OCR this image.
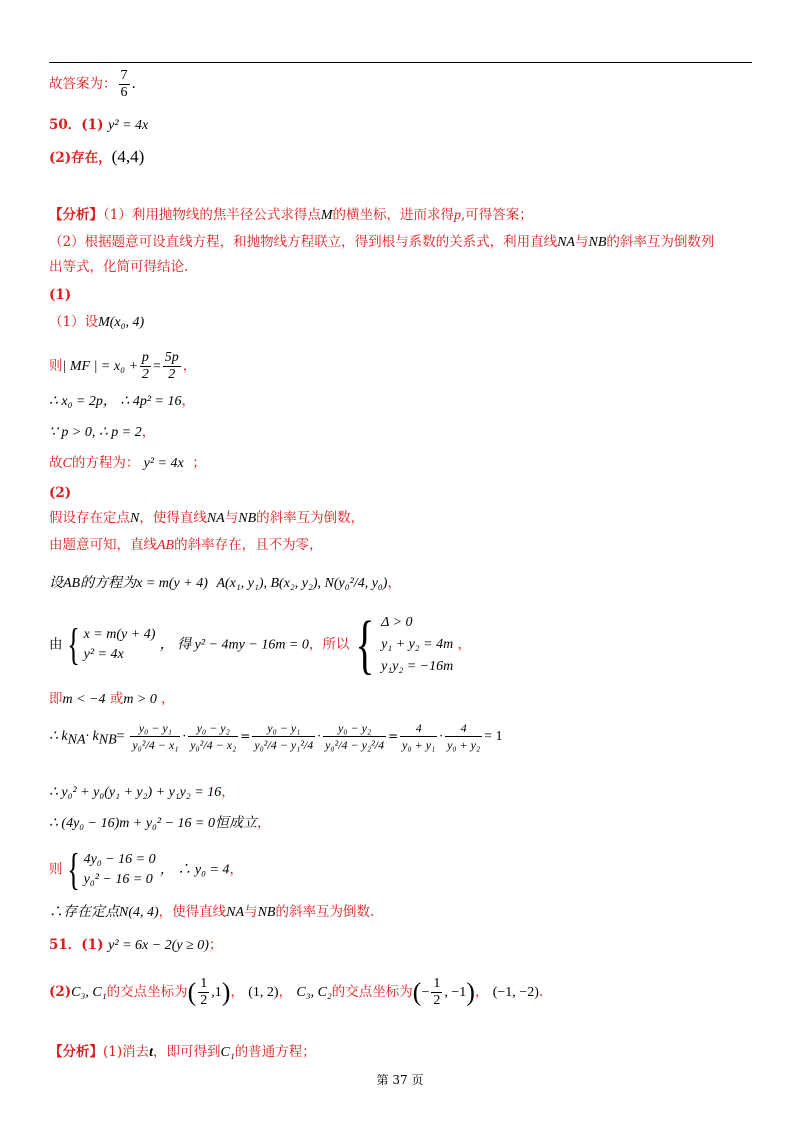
故答案为： $\frac{7}{6}$ .
50．(1) y² = 4x
(2)存在，(4,4)
【分析】（1）利用抛物线的焦半径公式求得点M的横坐标，进而求得p,可得答案；
（2）根据题意可设直线方程，和抛物线方程联立，得到根与系数的关系式，利用直线NA与NB的斜率互为倒数列
出等式，化简可得结论.
(1)
（1）设M(x₀, 4)
则| MF | = $x_0 + \frac{p}{2} = \frac{5p}{2}$ ，
∴ x₀ = 2p， ∴ 4p² = 16，
∵ p > 0, ∴ p = 2，
故C的方程为： y² = 4x ；
(2)
假设存在定点N，使得直线NA与NB的斜率互为倒数，
由题意可知，直线AB的斜率存在，且不为零，
设AB的方程为x = m(y + 4) A(x₁, y₁), B(x₂, y₂), N(y₀²/4, y₀)，
由{ x = m(y + 4)
y² = 4x
， 得 y² − 4my − 16m = 0，所以{ Δ > 0
y₁ + y₂ = 4m
y₁y₂ = −16m
，
即m < −4 或m > 0 ，
∴ $k_{NA}\cdot k_{NB}= \frac{\text{y₀ − y₁}}{\text{y₀²/4 − x₁}} \cdot \frac{\text{y₀ − y₂}}{\text{y₀²/4 − x₂}} = \frac{\text{y₀ − y₁}}{\text{y₀²/4 − y₁²/4}} \cdot \frac{\text{y₀ − y₂}}{\text{y₀²/4 − y₂²/4}} = \frac{4}{\text{y₀ + y₁}} \cdot \frac{4}{\text{y₀ + y₂}} = 1$
∴ y₀² + y₀(y₁ + y₂) + y₁y₂ = 16，
∴ (4y₀ − 16)m + y₀² − 16 = 0恒成立，
则{ 4y₀ − 16 = 0
y₀² − 16 = 0
， ∴ y₀ = 4，
∴存在定点N(4, 4)，使得直线NA与NB的斜率互为倒数.
51．(1) y² = 6x − 2(y ≥ 0)；
(2)C₃, C₁的交点坐标为( $\frac{1}{2} ,1$)， (1, 2)， C₃, C₂的交点坐标为(− $\frac{1}{2}$ , −1)， (−1, −2).
【分析】(1)消去t，即可得到C₁的普通方程；
第 37 页
